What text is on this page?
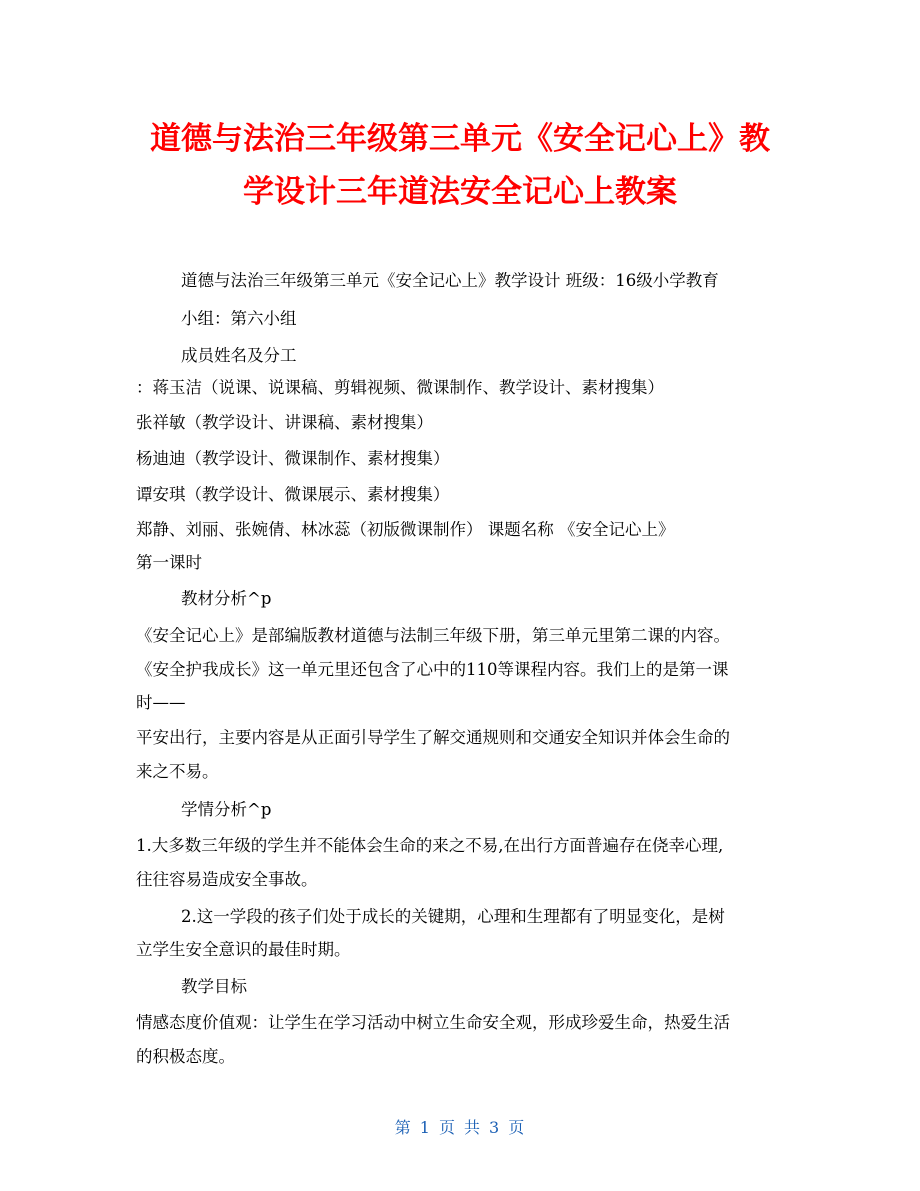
道德与法治三年级第三单元《安全记心上》教
学设计三年道法安全记心上教案

道德与法治三年级第三单元《安全记心上》教学设计 班级：16级小学教育

小组：第六小组

成员姓名及分工

：蒋玉洁（说课、说课稿、剪辑视频、微课制作、教学设计、素材搜集）

张祥敏（教学设计、讲课稿、素材搜集）

杨迪迪（教学设计、微课制作、素材搜集）

谭安琪（教学设计、微课展示、素材搜集）

郑静、刘丽、张婉倩、林冰蕊（初版微课制作） 课题名称 《安全记心上》

第一课时

教材分析^p

《安全记心上》是部编版教材道德与法制三年级下册，第三单元里第二课的内容。

《安全护我成长》这一单元里还包含了心中的110等课程内容。我们上的是第一课

时——

平安出行，主要内容是从正面引导学生了解交通规则和交通安全知识并体会生命的

来之不易。

学情分析^p

1.大多数三年级的学生并不能体会生命的来之不易,在出行方面普遍存在侥幸心理,

往往容易造成安全事故。

2.这一学段的孩子们处于成长的关键期，心理和生理都有了明显变化，是树

立学生安全意识的最佳时期。

教学目标

情感态度价值观：让学生在学习活动中树立生命安全观，形成珍爱生命，热爱生活

的积极态度。

第 1 页 共 3 页
